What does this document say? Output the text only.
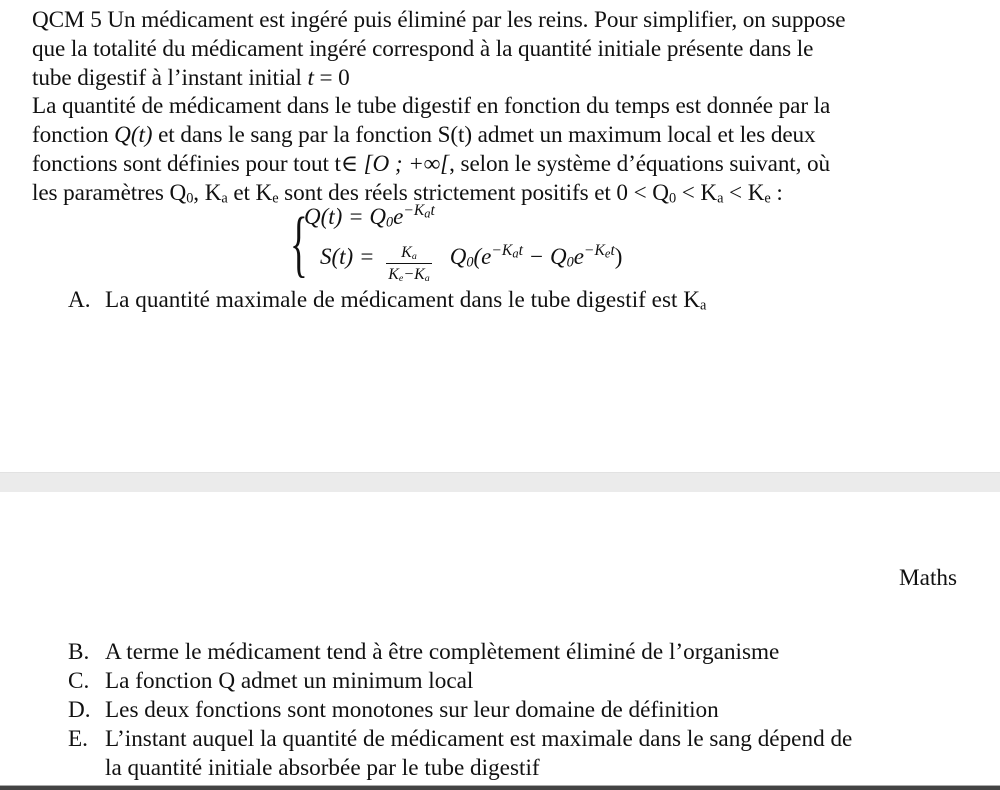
QCM 5 Un médicament est ingéré puis éliminé par les reins. Pour simplifier, on suppose
que la totalité du médicament ingéré correspond à la quantité initiale présente dans le
tube digestif à l’instant initial t = 0
La quantité de médicament dans le tube digestif en fonction du temps est donnée par la
fonction Q(t) et dans le sang par la fonction S(t) admet un maximum local et les deux
fonctions sont définies pour tout t∈ [O ; +∞[, selon le système d’équations suivant, où
les paramètres $Q_0$, $K_a$ et $K_e$ sont des réels strictement positifs et $0 < Q_0 < K_a < K_e$ :
{
$Q(t) = Q_0e^{-K_at}$
$S(t) = \frac{K_a}{K_e-K_a} Q_0(e^{-K_at} - Q_0e^{-K_et})$
A. La quantité maximale de médicament dans le tube digestif est $K_a$
Maths
B. A terme le médicament tend à être complètement éliminé de l’organisme
C. La fonction Q admet un minimum local
D. Les deux fonctions sont monotones sur leur domaine de définition
E. L’instant auquel la quantité de médicament est maximale dans le sang dépend de
la quantité initiale absorbée par le tube digestif
